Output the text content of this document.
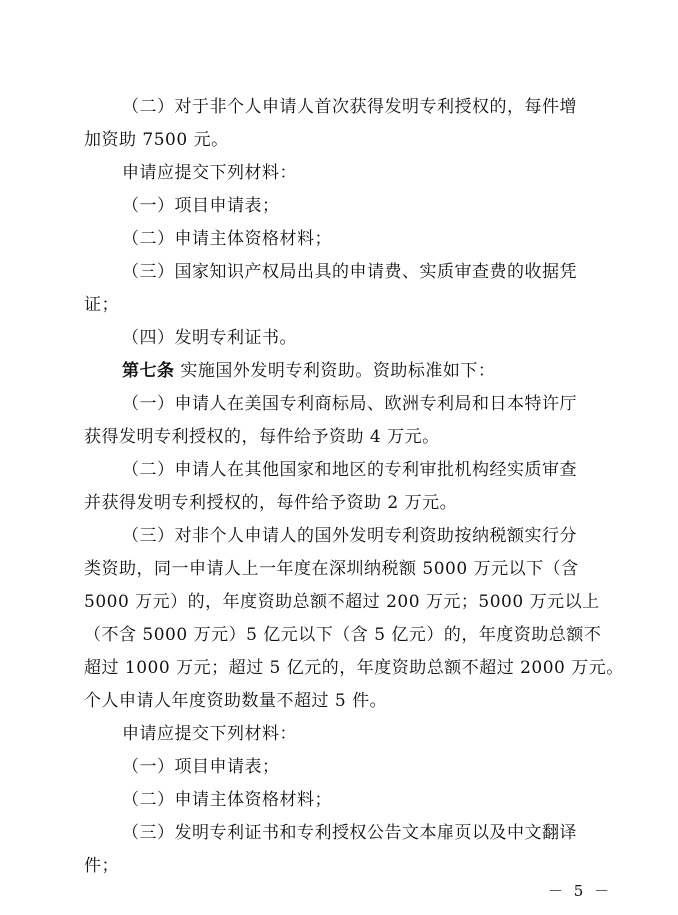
（二）对于非个人申请人首次获得发明专利授权的，每件增
加资助 7500 元。
申请应提交下列材料：
（一）项目申请表；
（二）申请主体资格材料；
（三）国家知识产权局出具的申请费、实质审查费的收据凭
证；
（四）发明专利证书。
第七条 实施国外发明专利资助。资助标准如下：
（一）申请人在美国专利商标局、欧洲专利局和日本特许厅
获得发明专利授权的，每件给予资助 4 万元。
（二）申请人在其他国家和地区的专利审批机构经实质审查
并获得发明专利授权的，每件给予资助 2 万元。
（三）对非个人申请人的国外发明专利资助按纳税额实行分
类资助，同一申请人上一年度在深圳纳税额 5000 万元以下（含
5000 万元）的，年度资助总额不超过 200 万元；5000 万元以上
（不含 5000 万元）5 亿元以下（含 5 亿元）的，年度资助总额不
超过 1000 万元；超过 5 亿元的，年度资助总额不超过 2000 万元。
个人申请人年度资助数量不超过 5 件。
申请应提交下列材料：
（一）项目申请表；
（二）申请主体资格材料；
（三）发明专利证书和专利授权公告文本扉页以及中文翻译
件；
－ 5 －
